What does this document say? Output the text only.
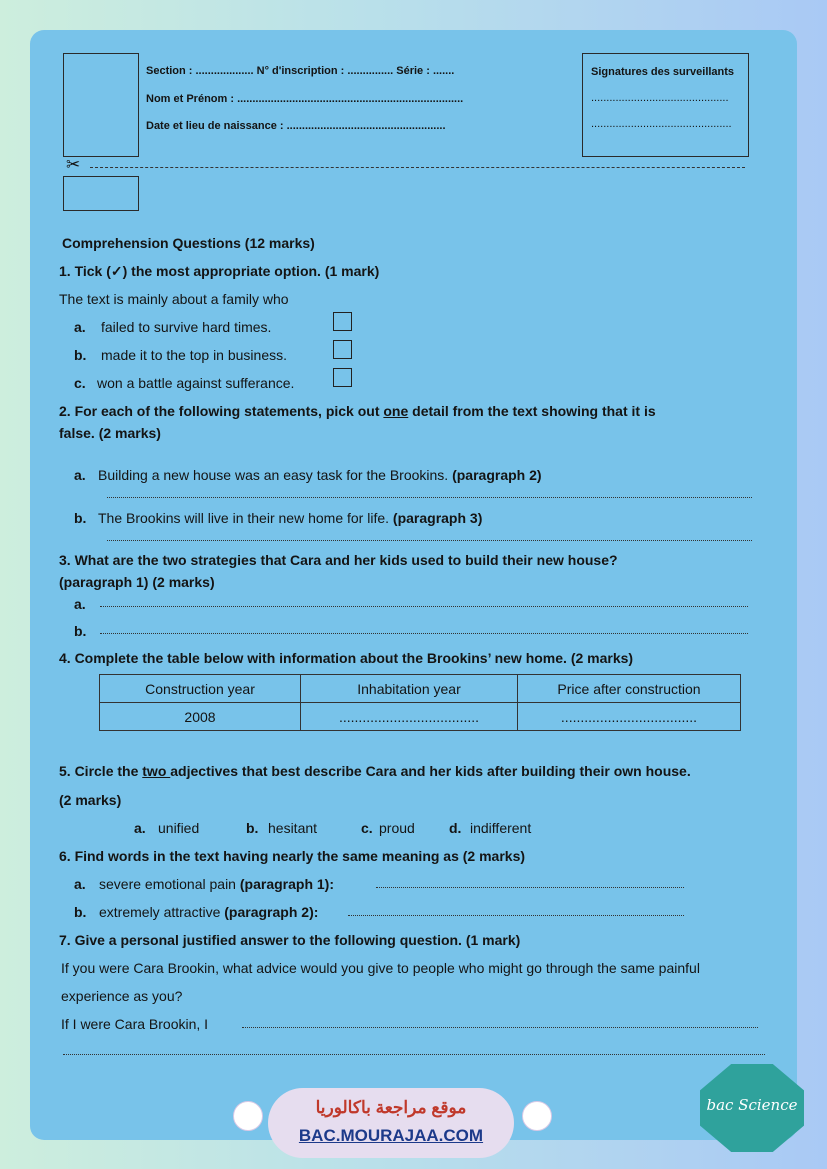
Section : ................... N° d'inscription : ............... Série : .......
Nom et Prénom : ..........................................................................
Date et lieu de naissance : ....................................................
Signatures des surveillants
.............................................
..............................................
✂
Comprehension Questions (12 marks)
1. Tick (✓) the most appropriate option. (1 mark)
The text is mainly about a family who
a. failed to survive hard times.
b. made it to the top in business.
c. won a battle against sufferance.
2. For each of the following statements, pick out one detail from the text showing that it is
false. (2 marks)
a. Building a new house was an easy task for the Brookins. (paragraph 2)
b. The Brookins will live in their new home for life. (paragraph 3)
3. What are the two strategies that Cara and her kids used to build their new house?
(paragraph 1) (2 marks)
a.
b.
4. Complete the table below with information about the Brookins’ new home. (2 marks)
Construction year	Inhabitation year	Price after construction
2008	....................................	...................................
5. Circle the two adjectives that best describe Cara and her kids after building their own house.
(2 marks)
a. unified	b. hesitant	c. proud d. indifferent
6. Find words in the text having nearly the same meaning as (2 marks)
a. severe emotional pain (paragraph 1):
b. extremely attractive (paragraph 2):
7. Give a personal justified answer to the following question. (1 mark)
If you were Cara Brookin, what advice would you give to people who might go through the same painful
experience as you?
If I were Cara Brookin, I
موقع مراجعة باكالوريا
BAC.MOURAJAA.COM
bac Science
